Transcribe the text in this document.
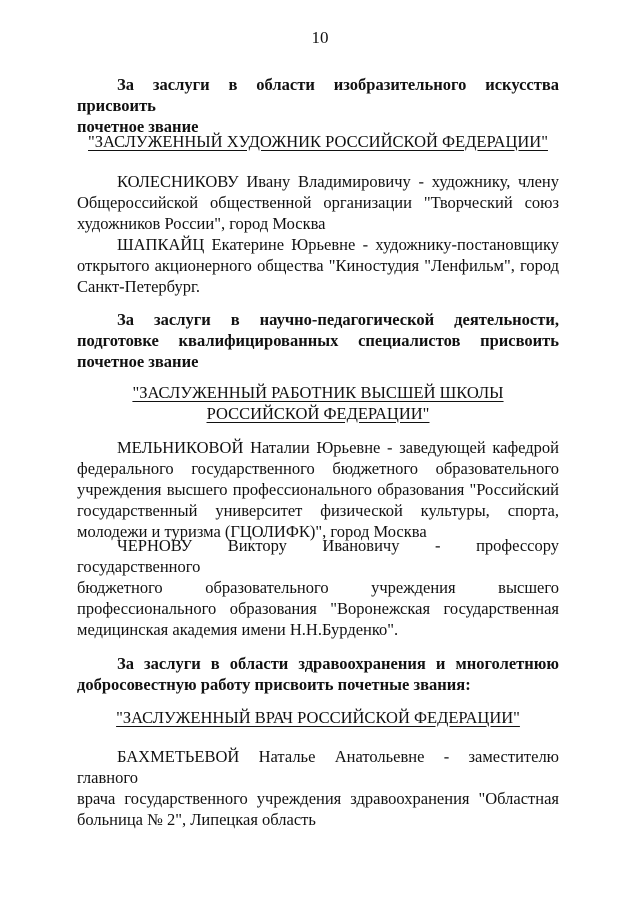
10
За заслуги в области изобразительного искусства присвоить
почетное звание
"ЗАСЛУЖЕННЫЙ ХУДОЖНИК РОССИЙСКОЙ ФЕДЕРАЦИИ"
КОЛЕСНИКОВУ Ивану Владимировичу - художнику, члену
Общероссийской общественной организации "Творческий союз
художников России", город Москва
ШАПКАЙЦ Екатерине Юрьевне - художнику-постановщику
открытого акционерного общества "Киностудия "Ленфильм", город
Санкт-Петербург.
За заслуги в научно-педагогической деятельности,
подготовке квалифицированных специалистов присвоить
почетное звание
"ЗАСЛУЖЕННЫЙ РАБОТНИК ВЫСШЕЙ ШКОЛЫ
РОССИЙСКОЙ ФЕДЕРАЦИИ"
МЕЛЬНИКОВОЙ Наталии Юрьевне - заведующей кафедрой
федерального государственного бюджетного образовательного
учреждения высшего профессионального образования "Российский
государственный университет физической культуры, спорта,
молодежи и туризма (ГЦОЛИФК)", город Москва
ЧЕРНОВУ Виктору Ивановичу - профессору государственного
бюджетного образовательного учреждения высшего
профессионального образования "Воронежская государственная
медицинская академия имени Н.Н.Бурденко".
За заслуги в области здравоохранения и многолетнюю
добросовестную работу присвоить почетные звания:
"ЗАСЛУЖЕННЫЙ ВРАЧ РОССИЙСКОЙ ФЕДЕРАЦИИ"
БАХМЕТЬЕВОЙ Наталье Анатольевне - заместителю главного
врача государственного учреждения здравоохранения "Областная
больница № 2", Липецкая область
